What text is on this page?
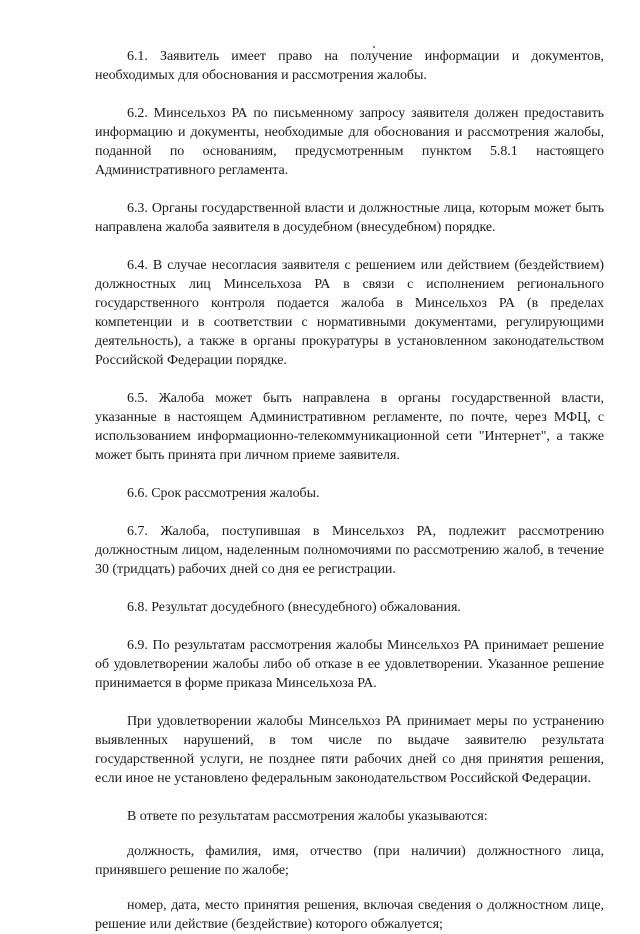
6.1. Заявитель имеет право на получение информации и документов, необходимых для обоснования и рассмотрения жалобы.

6.2. Минсельхоз РА по письменному запросу заявителя должен предоставить информацию и документы, необходимые для обоснования и рассмотрения жалобы, поданной по основаниям, предусмотренным пунктом 5.8.1 настоящего Административного регламента.

6.3. Органы государственной власти и должностные лица, которым может быть направлена жалоба заявителя в досудебном (внесудебном) порядке.

6.4. В случае несогласия заявителя с решением или действием (бездействием) должностных лиц Минсельхоза РА в связи с исполнением регионального государственного контроля подается жалоба в Минсельхоз РА (в пределах компетенции и в соответствии с нормативными документами, регулирующими деятельность), а также в органы прокуратуры в установленном законодательством Российской Федерации порядке.

6.5. Жалоба может быть направлена в органы государственной власти, указанные в настоящем Административном регламенте, по почте, через МФЦ, с использованием информационно-телекоммуникационной сети "Интернет", а также может быть принята при личном приеме заявителя.

6.6. Срок рассмотрения жалобы.

6.7. Жалоба, поступившая в Минсельхоз РА, подлежит рассмотрению должностным лицом, наделенным полномочиями по рассмотрению жалоб, в течение 30 (тридцать) рабочих дней со дня ее регистрации.

6.8. Результат досудебного (внесудебного) обжалования.

6.9. По результатам рассмотрения жалобы Минсельхоз РА принимает решение об удовлетворении жалобы либо об отказе в ее удовлетворении. Указанное решение принимается в форме приказа Минсельхоза РА.

При удовлетворении жалобы Минсельхоз РА принимает меры по устранению выявленных нарушений, в том числе по выдаче заявителю результата государственной услуги, не позднее пяти рабочих дней со дня принятия решения, если иное не установлено федеральным законодательством Российской Федерации.

В ответе по результатам рассмотрения жалобы указываются:

должность, фамилия, имя, отчество (при наличии) должностного лица, принявшего решение по жалобе;

номер, дата, место принятия решения, включая сведения о должностном лице, решение или действие (бездействие) которого обжалуется;
